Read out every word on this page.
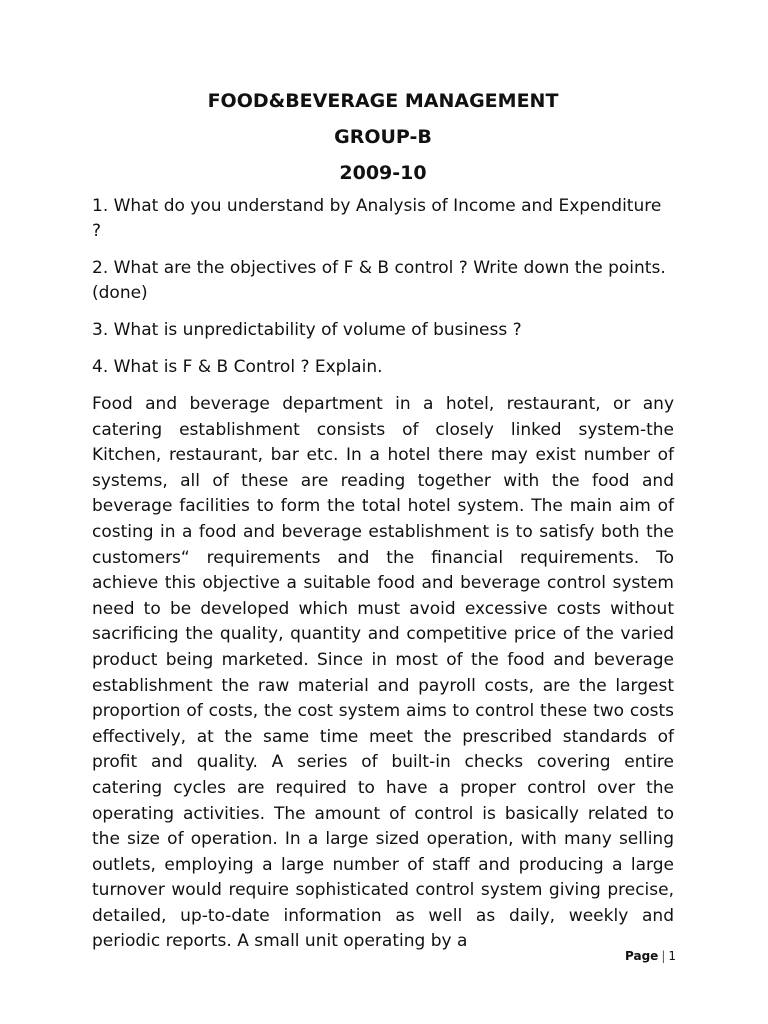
FOOD&BEVERAGE MANAGEMENT
GROUP-B
2009-10

1. What do you understand by Analysis of Income and Expenditure ?

2. What are the objectives of F & B control ? Write down the points. (done)

3. What is unpredictability of volume of business ?

4. What is F & B Control ? Explain.

Food and beverage department in a hotel, restaurant, or any catering establishment consists of closely linked system-the Kitchen, restaurant, bar etc. In a hotel there may exist number of systems, all of these are reading together with the food and beverage facilities to form the total hotel system. The main aim of costing in a food and beverage establishment is to satisfy both the customers“ requirements and the financial requirements. To achieve this objective a suitable food and beverage control system need to be developed which must avoid excessive costs without sacrificing the quality, quantity and competitive price of the varied product being marketed. Since in most of the food and beverage establishment the raw material and payroll costs, are the largest proportion of costs, the cost system aims to control these two costs effectively, at the same time meet the prescribed standards of profit and quality. A series of built-in checks covering entire catering cycles are required to have a proper control over the operating activities. The amount of control is basically related to the size of operation. In a large sized operation, with many selling outlets, employing a large number of staff and producing a large turnover would require sophisticated control system giving precise, detailed, up-to-date information as well as daily, weekly and periodic reports. A small unit operating by a

Page | 1
